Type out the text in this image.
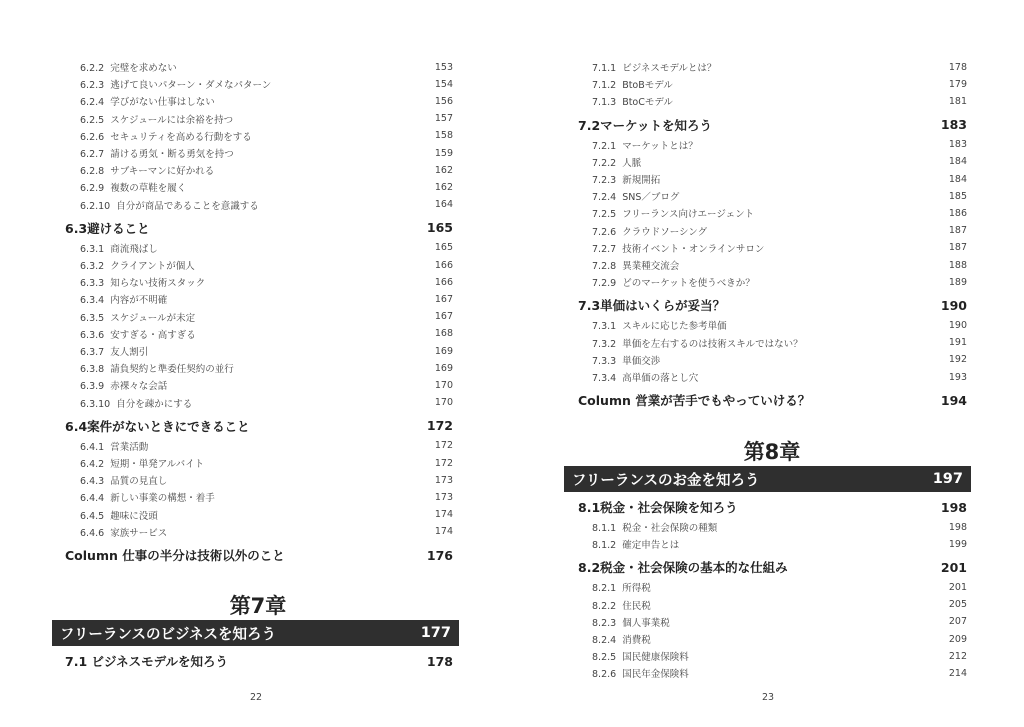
6.2.2 完璧を求めない	153
6.2.3 逃げて良いパターン・ダメなパターン	154
6.2.4 学びがない仕事はしない	156
6.2.5 スケジュールには余裕を持つ	157
6.2.6 セキュリティを高める行動をする	158
6.2.7 請ける勇気・断る勇気を持つ	159
6.2.8 サブキーマンに好かれる	162
6.2.9 複数の草鞋を履く	162
6.2.10 自分が商品であることを意識する	164
6.3避けること	165
6.3.1 商流飛ばし	165
6.3.2 クライアントが個人	166
6.3.3 知らない技術スタック	166
6.3.4 内容が不明確	167
6.3.5 スケジュールが未定	167
6.3.6 安すぎる・高すぎる	168
6.3.7 友人割引	169
6.3.8 請負契約と準委任契約の並行	169
6.3.9 赤裸々な会話	170
6.3.10 自分を疎かにする	170
6.4案件がないときにできること	172
6.4.1 営業活動	172
6.4.2 短期・単発アルバイト	172
6.4.3 品質の見直し	173
6.4.4 新しい事業の構想・着手	173
6.4.5 趣味に没頭	174
6.4.6 家族サービス	174
Column 仕事の半分は技術以外のこと	176
第7章
フリーランスのビジネスを知ろう	177
7.1 ビジネスモデルを知ろう	178
22
7.1.1 ビジネスモデルとは？	178
7.1.2 BtoBモデル	179
7.1.3 BtoCモデル	181
7.2マーケットを知ろう	183
7.2.1 マーケットとは？	183
7.2.2 人脈	184
7.2.3 新規開拓	184
7.2.4 SNS／ブログ	185
7.2.5 フリーランス向けエージェント	186
7.2.6 クラウドソーシング	187
7.2.7 技術イベント・オンラインサロン	187
7.2.8 異業種交流会	188
7.2.9 どのマーケットを使うべきか？	189
7.3単価はいくらが妥当？	190
7.3.1 スキルに応じた参考単価	190
7.3.2 単価を左右するのは技術スキルではない？	191
7.3.3 単価交渉	192
7.3.4 高単価の落とし穴	193
Column 営業が苦手でもやっていける？	194
第8章
フリーランスのお金を知ろう	197
8.1税金・社会保険を知ろう	198
8.1.1 税金・社会保険の種類	198
8.1.2 確定申告とは	199
8.2税金・社会保険の基本的な仕組み	201
8.2.1 所得税	201
8.2.2 住民税	205
8.2.3 個人事業税	207
8.2.4 消費税	209
8.2.5 国民健康保険料	212
8.2.6 国民年金保険料	214
23
